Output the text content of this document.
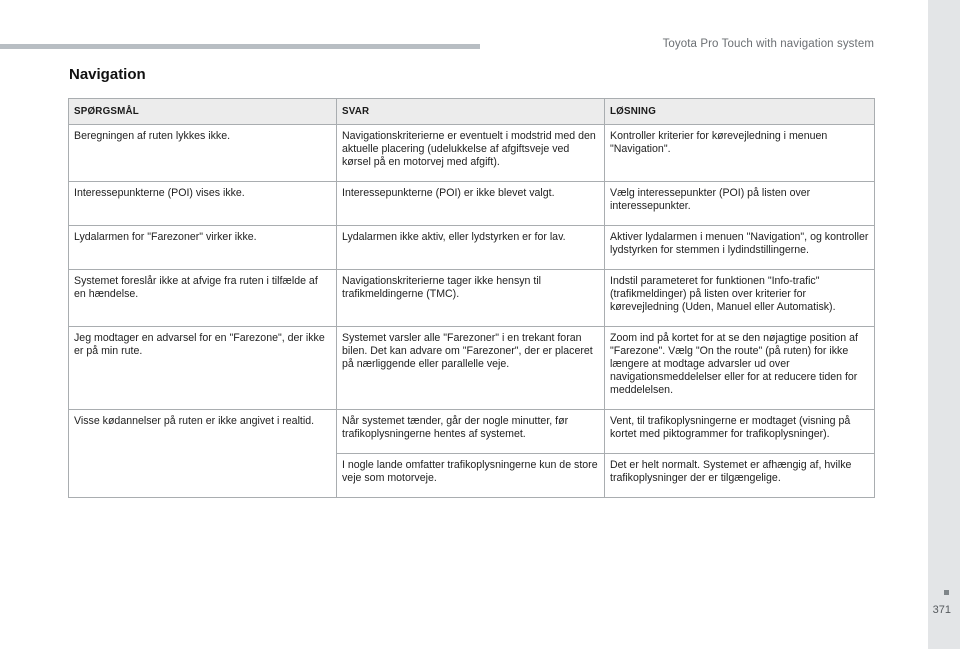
Toyota Pro Touch with navigation system
371
Navigation
SPØRGSMÅL	SVAR	LØSNING
Beregningen af ruten lykkes ikke.	Navigationskriterierne er eventuelt i modstrid med den aktuelle placering (udelukkelse af afgiftsveje ved kørsel på en motorvej med afgift).	Kontroller kriterier for kørevejledning i menuen "Navigation".
Interessepunkterne (POI) vises ikke.	Interessepunkterne (POI) er ikke blevet valgt.	Vælg interessepunkter (POI) på listen over interessepunkter.
Lydalarmen for "Farezoner" virker ikke.	Lydalarmen ikke aktiv, eller lydstyrken er for lav.	Aktiver lydalarmen i menuen "Navigation", og kontroller lydstyrken for stemmen i lydindstillingerne.
Systemet foreslår ikke at afvige fra ruten i tilfælde af en hændelse.	Navigationskriterierne tager ikke hensyn til trafikmeldingerne (TMC).	Indstil parameteret for funktionen "Info-trafic" (trafikmeldinger) på listen over kriterier for kørevejledning (Uden, Manuel eller Automatisk).
Jeg modtager en advarsel for en "Farezone", der ikke er på min rute.	Systemet varsler alle "Farezoner" i en trekant foran bilen. Det kan advare om "Farezoner", der er placeret på nærliggende eller parallelle veje.	Zoom ind på kortet for at se den nøjagtige position af "Farezone". Vælg "On the route" (på ruten) for ikke længere at modtage advarsler ud over navigationsmeddelelser eller for at reducere tiden for meddelelsen.
Visse kødannelser på ruten er ikke angivet i realtid.	Når systemet tænder, går der nogle minutter, før trafikoplysningerne hentes af systemet.	Vent, til trafikoplysningerne er modtaget (visning på kortet med piktogrammer for trafikoplysninger).
	I nogle lande omfatter trafikoplysningerne kun de store veje som motorveje.	Det er helt normalt. Systemet er afhængig af, hvilke trafikoplysninger der er tilgængelige.
